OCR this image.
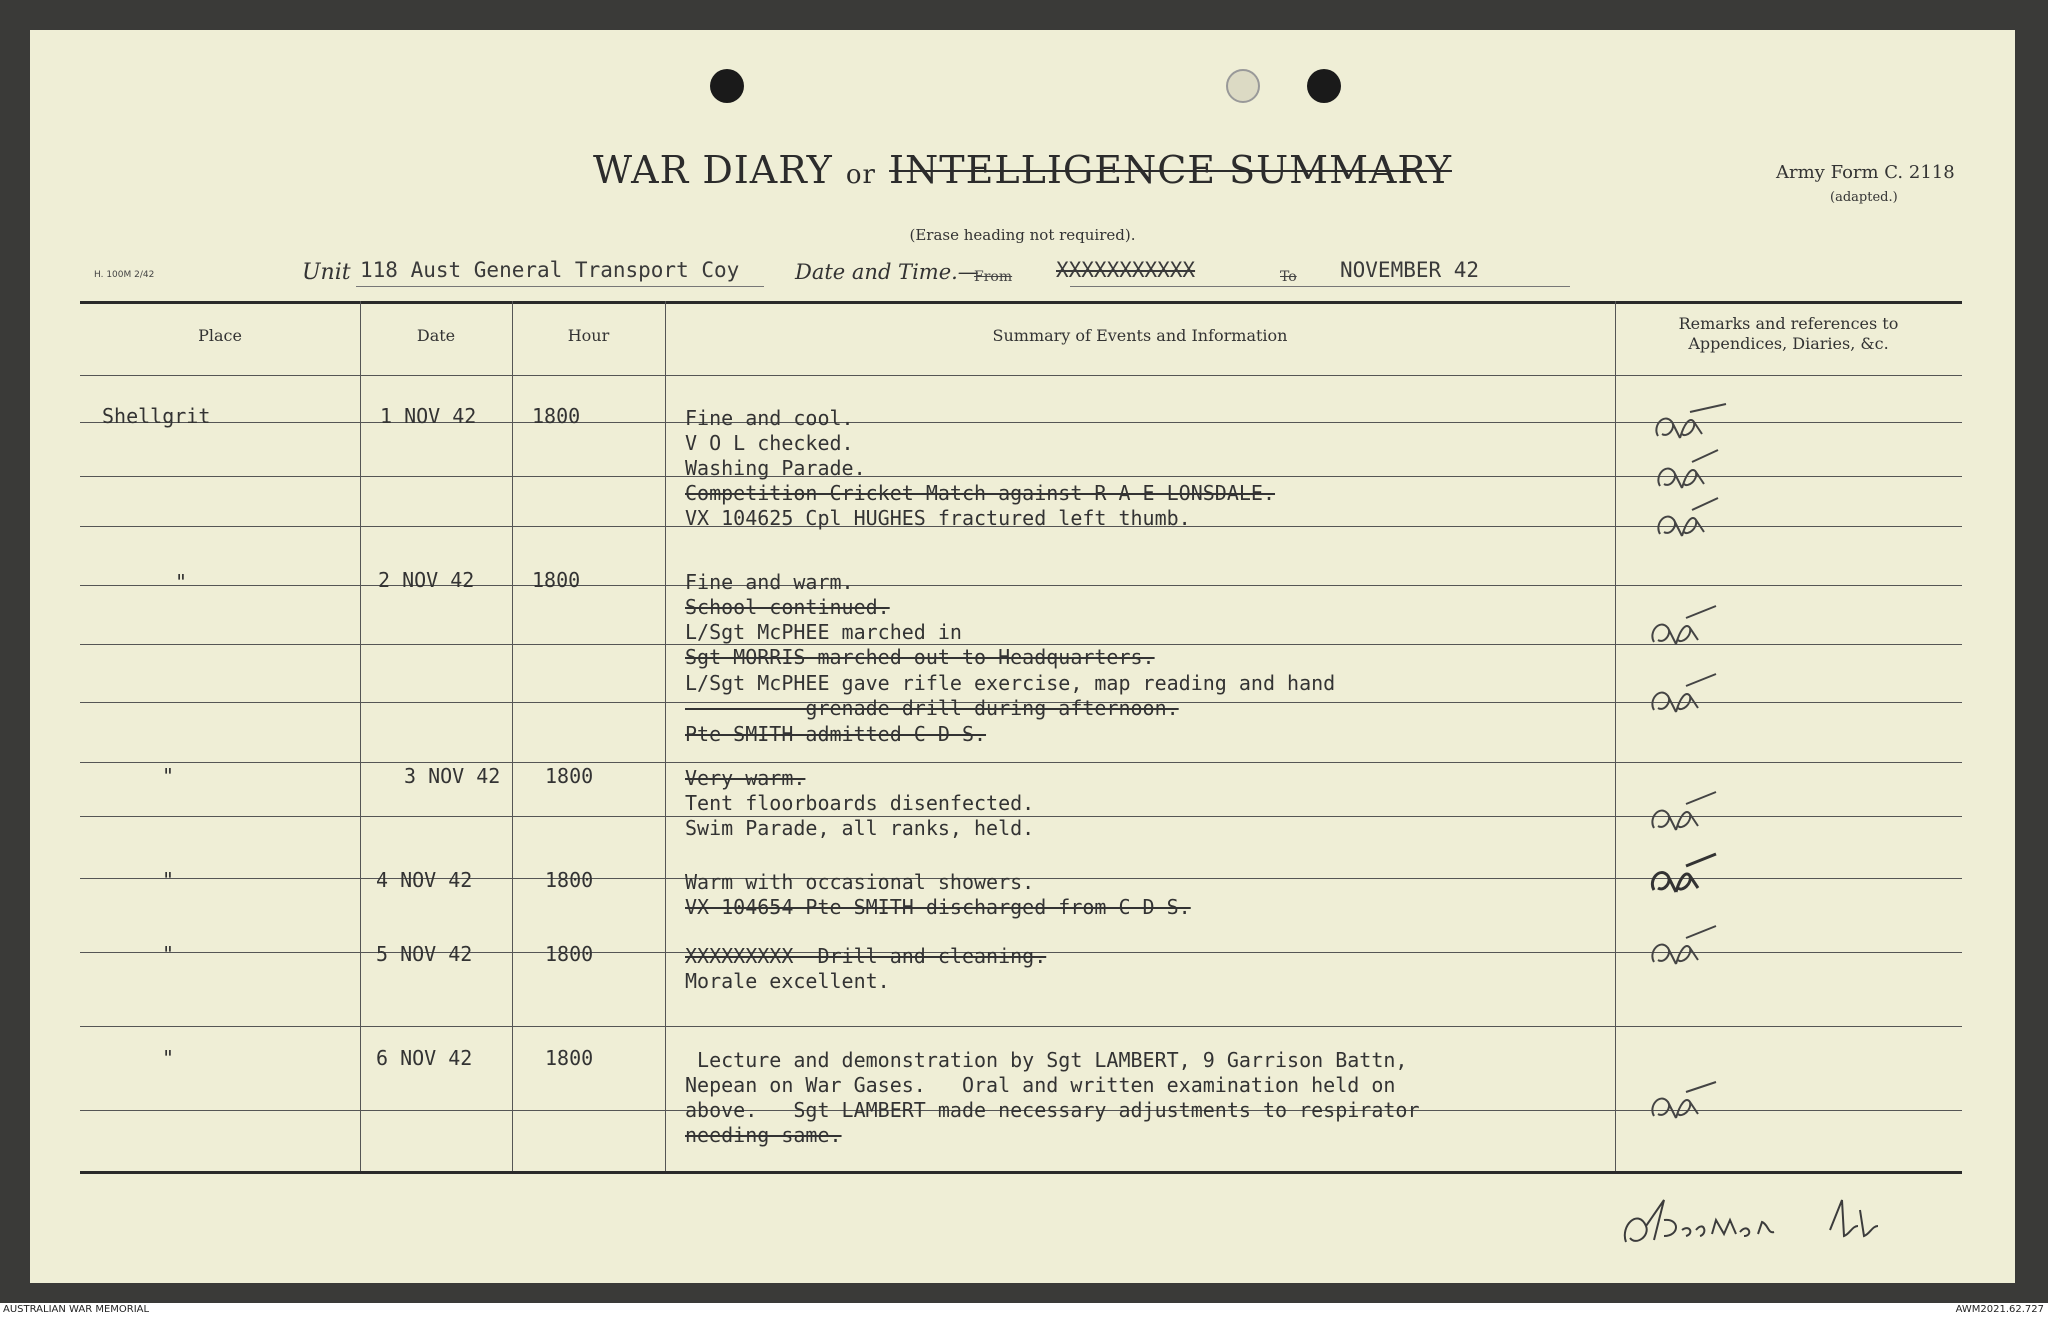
WAR DIARY or INTELLIGENCE SUMMARY
(Erase heading not required).
Army Form C. 2118
(adapted.)
H. 100M 2/42	Unit 118 Aust General Transport Coy	Date and Time.—
From XXXXXXXXXXX	To NOVEMBER 42
Place	Date	Hour	Summary of Events and Information
Remarks and references to
Appendices, Diaries, &c.
Shellgrit	1 NOV 42	1800	Fine and cool.
V O L checked.
Washing Parade.
Competition Cricket Match against R A E LONSDALE.
VX 104625 Cpl HUGHES fractured left thumb.
"	2 NOV 42	1800	Fine and warm.
School continued.
L/Sgt McPHEE marched in
Sgt MORRIS marched out to Headquarters.
L/Sgt McPHEE gave rifle exercise, map reading and hand
grenade drill during afternoon.
Pte SMITH admitted C D S.
"	3 NOV 42 1800	Very warm.
Tent floorboards disenfected.
Swim Parade, all ranks, held.
"	4 NOV 42	1800	Warm with occasional showers.
VX 104654 Pte SMITH discharged from C D S.
"	5 NOV 42	1800	XXXXXXXXX  Drill and cleaning.
Morale excellent.
"	6 NOV 42	1800	Lecture and demonstration by Sgt LAMBERT, 9 Garrison Battn,
Nepean on War Gases.   Oral and written examination held on
above.   Sgt LAMBERT made necessary adjustments to respirator
needing same.
AUSTRALIAN WAR MEMORIAL	AWM2021.62.727
